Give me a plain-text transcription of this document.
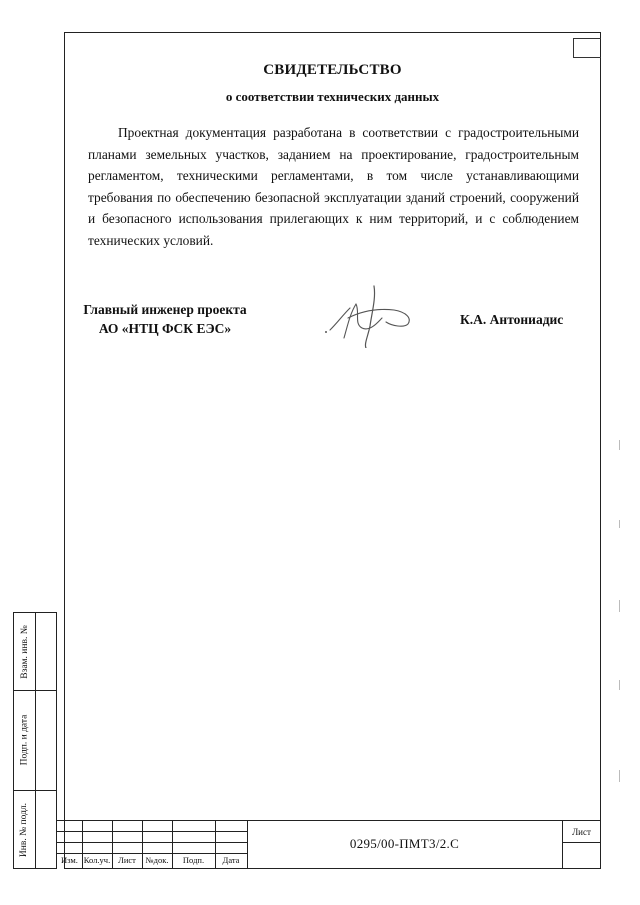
СВИДЕТЕЛЬСТВО
о соответствии технических данных
Проектная документация разработана в соответствии с градостроительными планами земельных участков, заданием на проектирование, градостроительным регламентом, техническими регламентами, в том числе устанавливающими требования по обеспечению безопасной эксплуатации зданий строений, сооружений и безопасного использования прилегающих к ним территорий, и с соблюдением технических условий.
Главный инженер проекта
АО «НТЦ ФСК ЕЭС»
К.А. Антониадис
Взам. инв. №
Подп. и дата
Инв. № подл.
Изм. Кол.уч. Лист	№док.	Подп.	Дата
0295/00-ПМТ3/2.С
Лист
